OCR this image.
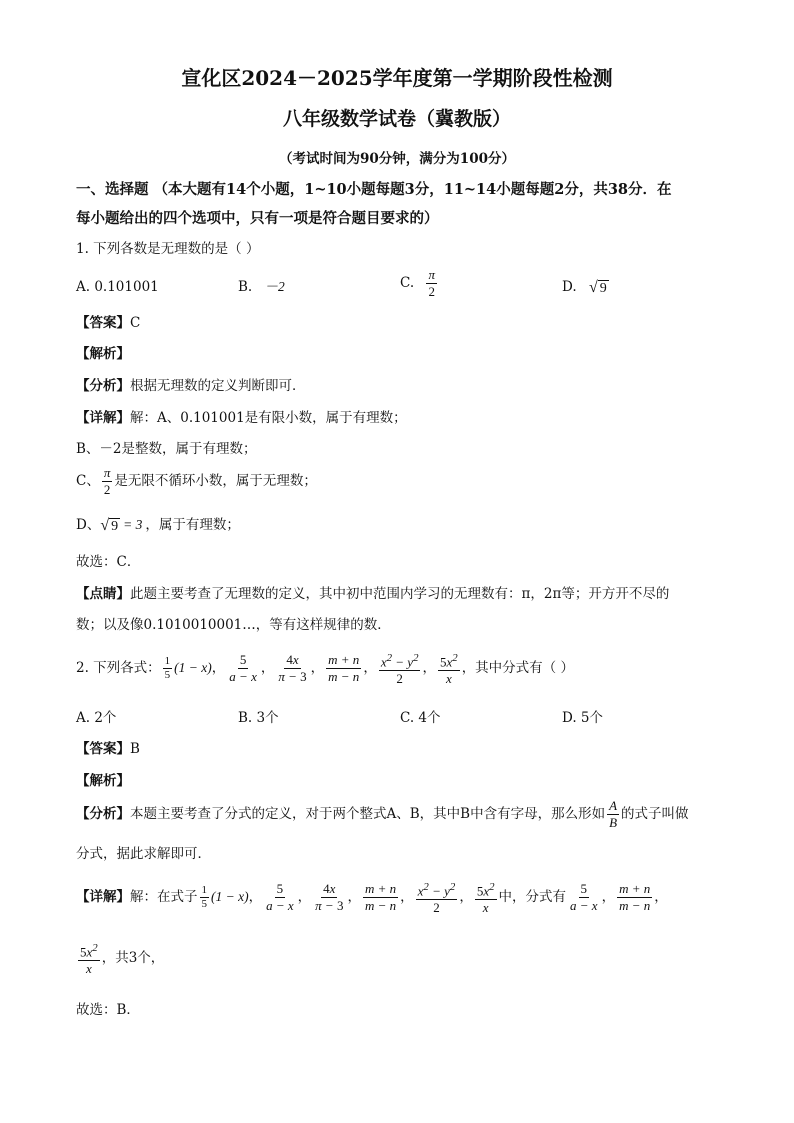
宣化区2024－2025学年度第一学期阶段性检测
八年级数学试卷（冀教版）
（考试时间为90分钟，满分为100分）
一、选择题 （本大题有14个小题，1~10小题每题3分，11~14小题每题2分，共38分．在
每小题给出的四个选项中，只有一项是符合题目要求的）
1. 下列各数是无理数的是（ ）
A. 0.101001	B. －2	C. $\frac{\pi}{2}$	D. √ 9
【答案】C
【解析】
【分析】根据无理数的定义判断即可．
【详解】解：A、0.101001是有限小数，属于有理数；
B、－2是整数，属于有理数；
C、 $\frac{\pi}{2}$ 是无限不循环小数，属于无理数；
D、 √ 9 = 3 ，属于有理数；
故选：C．
【点睛】此题主要考查了无理数的定义，其中初中范围内学习的无理数有：π，2π等；开方开不尽的
数；以及像0.1010010001…，等有这样规律的数．
2. 下列各式： $\frac{1}{5} (1 - x)$， $\frac{5}{a - x}$ ， $\frac{4x}{\pi - 3}$ ， $\frac{m + n}{m - n}$ ， $\frac{x^2 - y^2}{2}$ ， $\frac{5x^2}{x}$ ，其中分式有（ ）
A. 2个	B. 3个	C. 4个	D. 5个
【答案】B
【解析】
【分析】本题主要考查了分式的定义，对于两个整式A、B，其中B中含有字母，那么形如 $\frac{A}{B}$ 的式子叫做
分式，据此求解即可．
【详解】解：在式子 $\frac{1}{5} (1 - x)$， $\frac{5}{a - x}$ ， $\frac{4x}{\pi - 3}$ ， $\frac{m + n}{m - n}$ ， $\frac{x^2 - y^2}{2}$ ， $\frac{5x^2}{x}$ 中，分式有 $\frac{5}{a - x}$ ， $\frac{m + n}{m - n}$ ，
$\frac{5x^2}{x}$ ，共3个，
故选：B．
